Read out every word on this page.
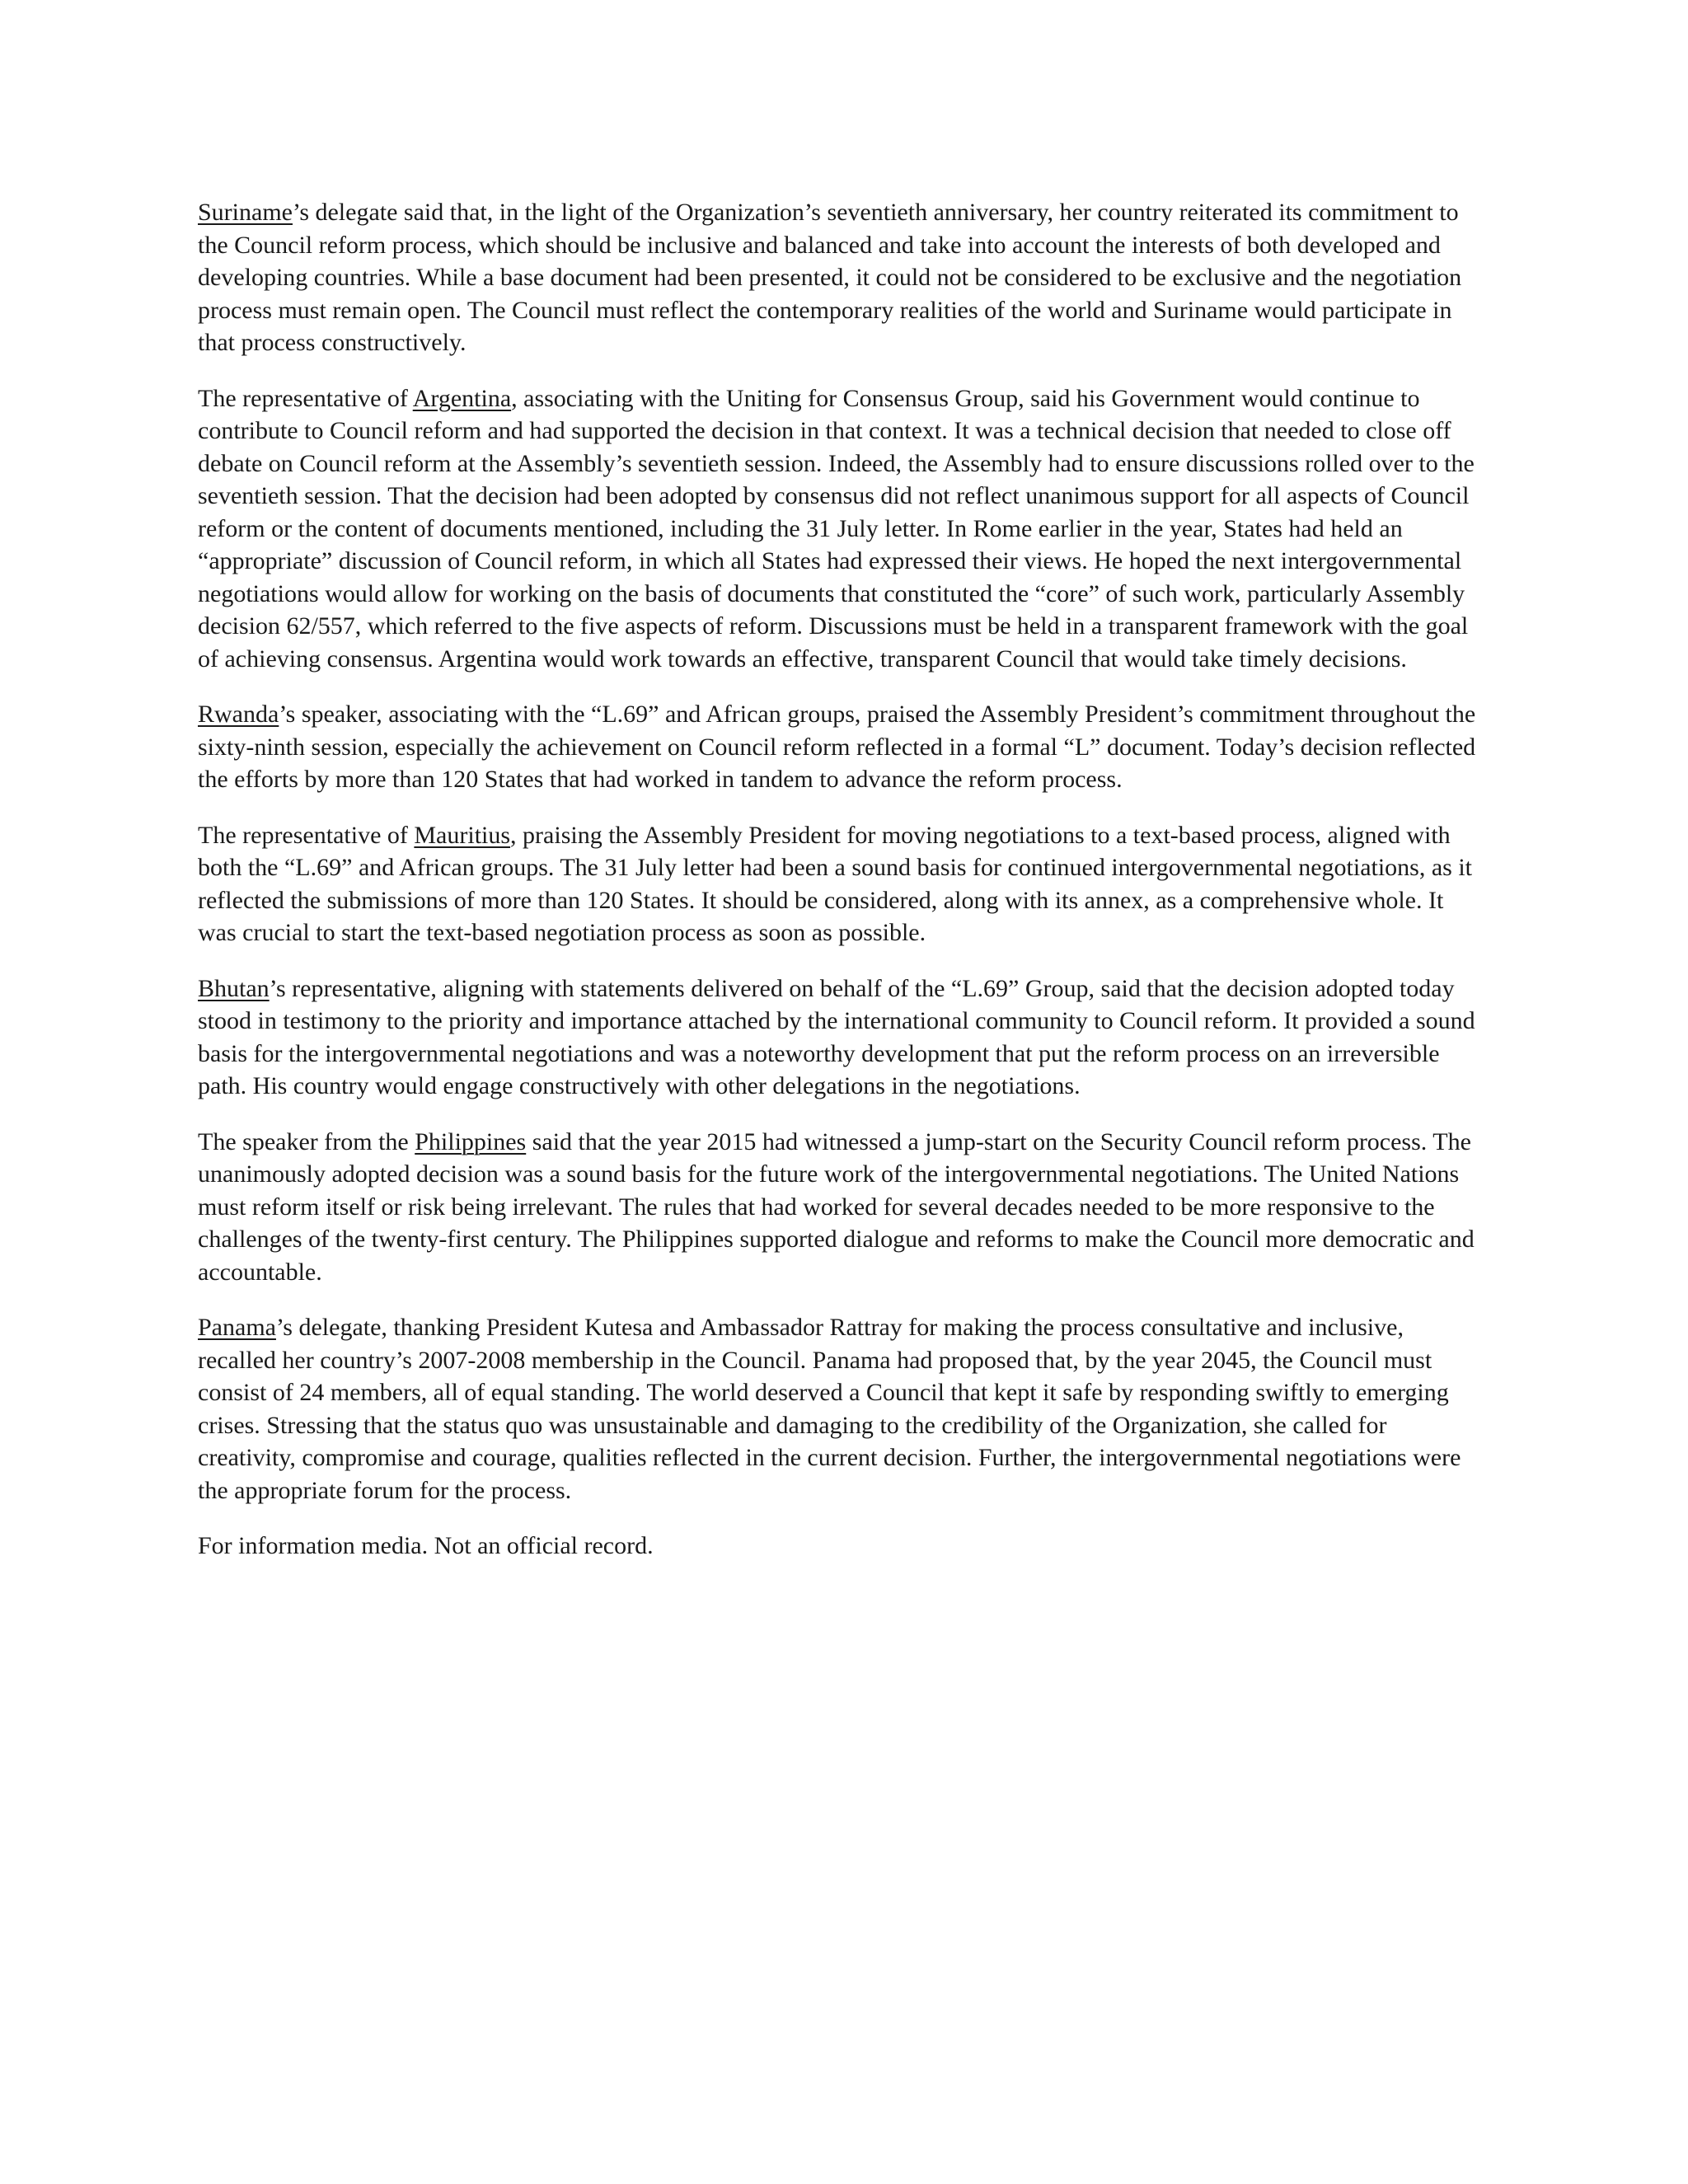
Suriname’s delegate said that, in the light of the Organization’s seventieth anniversary, her country reiterated its commitment to the Council reform process, which should be inclusive and balanced and take into account the interests of both developed and developing countries. While a base document had been presented, it could not be considered to be exclusive and the negotiation process must remain open. The Council must reflect the contemporary realities of the world and Suriname would participate in that process constructively.

The representative of Argentina, associating with the Uniting for Consensus Group, said his Government would continue to contribute to Council reform and had supported the decision in that context. It was a technical decision that needed to close off debate on Council reform at the Assembly’s seventieth session. Indeed, the Assembly had to ensure discussions rolled over to the seventieth session. That the decision had been adopted by consensus did not reflect unanimous support for all aspects of Council reform or the content of documents mentioned, including the 31 July letter. In Rome earlier in the year, States had held an “appropriate” discussion of Council reform, in which all States had expressed their views. He hoped the next intergovernmental negotiations would allow for working on the basis of documents that constituted the “core” of such work, particularly Assembly decision 62/557, which referred to the five aspects of reform. Discussions must be held in a transparent framework with the goal of achieving consensus. Argentina would work towards an effective, transparent Council that would take timely decisions.

Rwanda’s speaker, associating with the “L.69” and African groups, praised the Assembly President’s commitment throughout the sixty-ninth session, especially the achievement on Council reform reflected in a formal “L” document. Today’s decision reflected the efforts by more than 120 States that had worked in tandem to advance the reform process.

The representative of Mauritius, praising the Assembly President for moving negotiations to a text-based process, aligned with both the “L.69” and African groups. The 31 July letter had been a sound basis for continued intergovernmental negotiations, as it reflected the submissions of more than 120 States. It should be considered, along with its annex, as a comprehensive whole. It was crucial to start the text-based negotiation process as soon as possible.

Bhutan’s representative, aligning with statements delivered on behalf of the “L.69” Group, said that the decision adopted today stood in testimony to the priority and importance attached by the international community to Council reform. It provided a sound basis for the intergovernmental negotiations and was a noteworthy development that put the reform process on an irreversible path. His country would engage constructively with other delegations in the negotiations.

The speaker from the Philippines said that the year 2015 had witnessed a jump-start on the Security Council reform process. The unanimously adopted decision was a sound basis for the future work of the intergovernmental negotiations. The United Nations must reform itself or risk being irrelevant. The rules that had worked for several decades needed to be more responsive to the challenges of the twenty-first century. The Philippines supported dialogue and reforms to make the Council more democratic and accountable.

Panama’s delegate, thanking President Kutesa and Ambassador Rattray for making the process consultative and inclusive, recalled her country’s 2007-2008 membership in the Council. Panama had proposed that, by the year 2045, the Council must consist of 24 members, all of equal standing. The world deserved a Council that kept it safe by responding swiftly to emerging crises. Stressing that the status quo was unsustainable and damaging to the credibility of the Organization, she called for creativity, compromise and courage, qualities reflected in the current decision. Further, the intergovernmental negotiations were the appropriate forum for the process.

For information media. Not an official record.
